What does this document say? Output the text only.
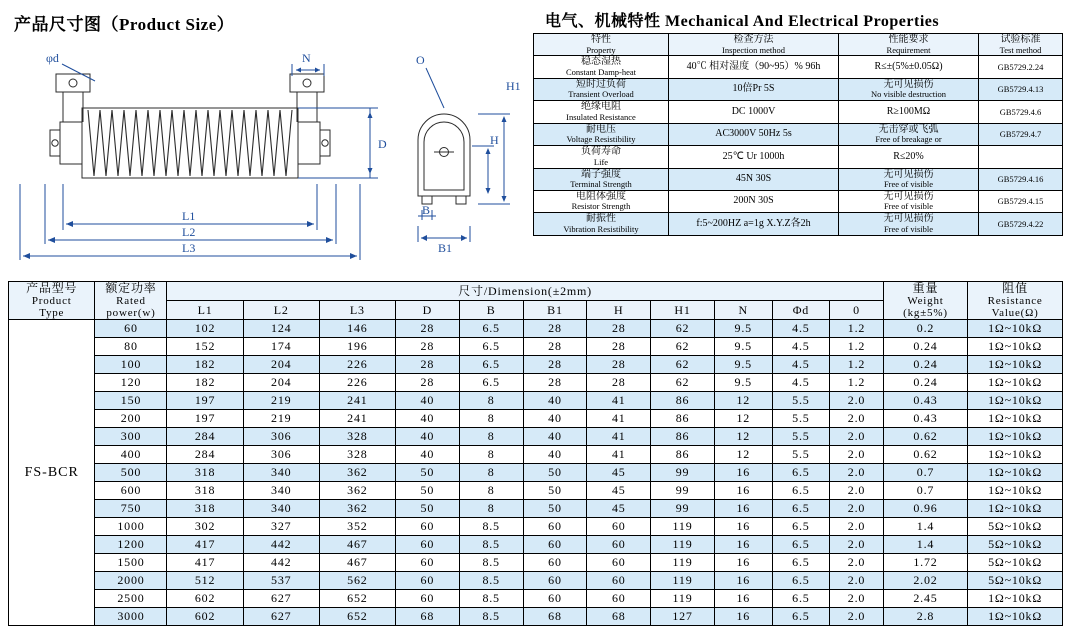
产品尺寸图（Product Size）	电气、机械特性 Mechanical And Electrical Properties
φd	N
D
L1
L2
L3
O
H1
H
B
B1
特性
Property	检查方法
Inspection method	性能要求
Requirement	试验标准
Test method

稳态湿热
Constant Damp-heat	40℃ 相对湿度（90~95）% 96h	R≤±(5%±0.05Ω)	GB5729.2.24

短时过负荷
Transient Overload	10倍Pr 5S	无可见损伤
No visible destruction	GB5729.4.13

绝缘电阻
Insulated Resistance	DC 1000V	R≥100MΩ	GB5729.4.6

耐电压
Voltage Resistibility	AC3000V 50Hz 5s	无击穿或飞弧
Free of breakage or	GB5729.4.7

负荷寿命
Life	25℃ Ur 1000h	R≤20%	

端子强度
Terminal Strength	45N 30S	无可见损伤
Free of visible	GB5729.4.16

电阻体强度
Resistor Strength	200N 30S	无可见损伤
Free of visible	GB5729.4.15

耐振性
Vibration Resistibility	f:5~200HZ a=1g X.Y.Z各2h	无可见损伤
Free of visible	GB5729.4.22
产品型号
Product
Type	额定功率
Rated
power(w)	尺寸/Dimension(±2mm)											重量
Weight
(kg±5%)	阻值
Resistance
Value(Ω)

		L1	L2	L3	D	B	B1	H	H1	N	Φd	0		
FS-BCR	60	102	124	146	28	6.5	28	28	62	9.5	4.5	1.2	0.2	1Ω~10kΩ
	80	152	174	196	28	6.5	28	28	62	9.5	4.5	1.2	0.24	1Ω~10kΩ
	100	182	204	226	28	6.5	28	28	62	9.5	4.5	1.2	0.24	1Ω~10kΩ
	120	182	204	226	28	6.5	28	28	62	9.5	4.5	1.2	0.24	1Ω~10kΩ
	150	197	219	241	40	8	40	41	86	12	5.5	2.0	0.43	1Ω~10kΩ
	200	197	219	241	40	8	40	41	86	12	5.5	2.0	0.43	1Ω~10kΩ
	300	284	306	328	40	8	40	41	86	12	5.5	2.0	0.62	1Ω~10kΩ
	400	284	306	328	40	8	40	41	86	12	5.5	2.0	0.62	1Ω~10kΩ
	500	318	340	362	50	8	50	45	99	16	6.5	2.0	0.7	1Ω~10kΩ
	600	318	340	362	50	8	50	45	99	16	6.5	2.0	0.7	1Ω~10kΩ
	750	318	340	362	50	8	50	45	99	16	6.5	2.0	0.96	1Ω~10kΩ
	1000	302	327	352	60	8.5	60	60	119	16	6.5	2.0	1.4	5Ω~10kΩ
	1200	417	442	467	60	8.5	60	60	119	16	6.5	2.0	1.4	5Ω~10kΩ
	1500	417	442	467	60	8.5	60	60	119	16	6.5	2.0	1.72	5Ω~10kΩ
	2000	512	537	562	60	8.5	60	60	119	16	6.5	2.0	2.02	5Ω~10kΩ
	2500	602	627	652	60	8.5	60	60	119	16	6.5	2.0	2.45	1Ω~10kΩ
	3000	602	627	652	68	8.5	68	68	127	16	6.5	2.0	2.8	1Ω~10kΩ
